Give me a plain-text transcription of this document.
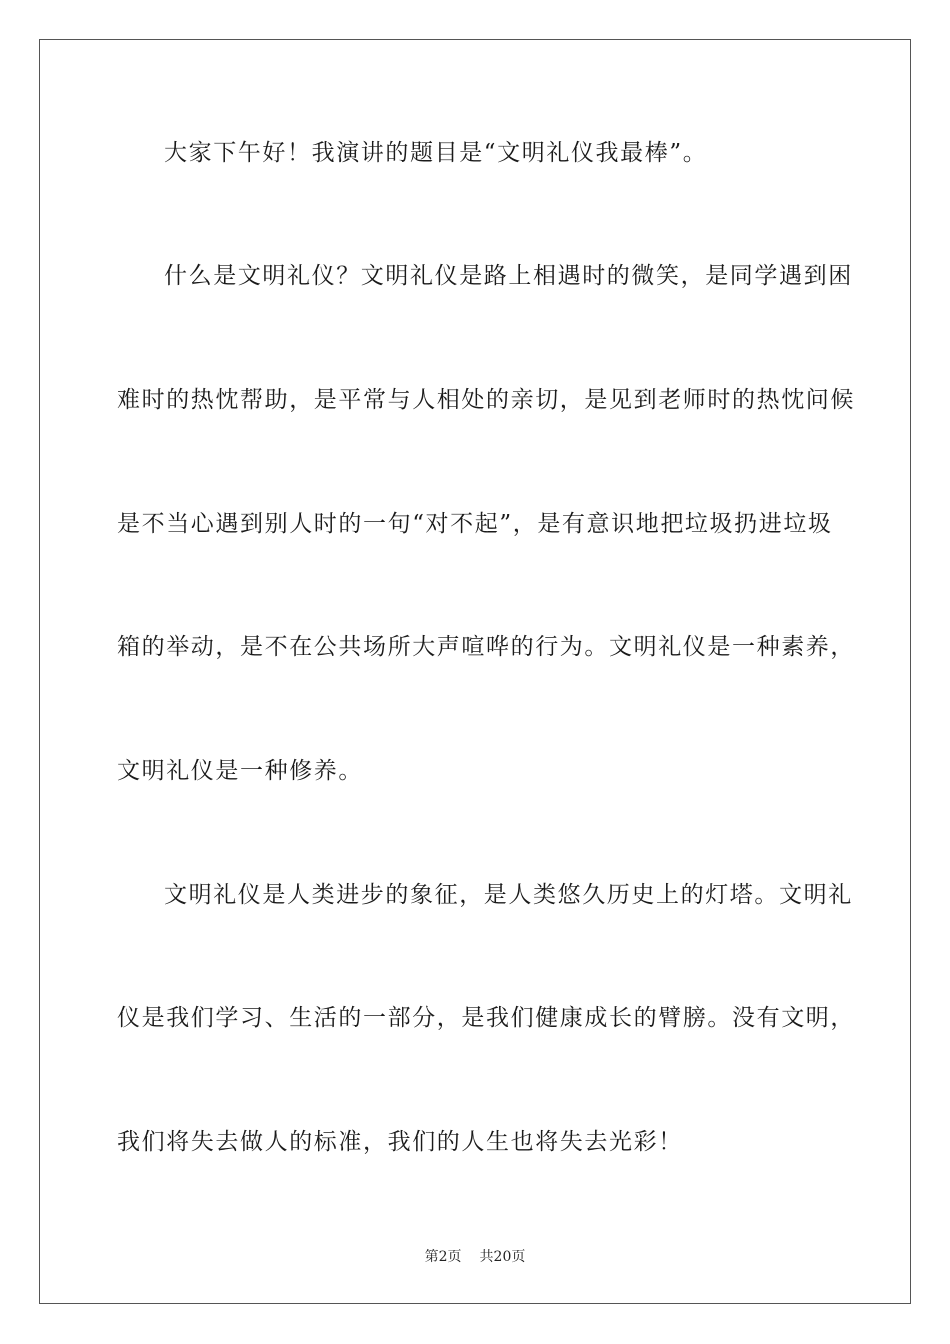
大家下午好！我演讲的题目是“文明礼仪我最棒”。
什么是文明礼仪？文明礼仪是路上相遇时的微笑，是同学遇到困
难时的热忱帮助，是平常与人相处的亲切，是见到老师时的热忱问候
是不当心遇到别人时的一句“对不起”，是有意识地把垃圾扔进垃圾
箱的举动，是不在公共场所大声喧哗的行为。文明礼仪是一种素养，
文明礼仪是一种修养。
文明礼仪是人类进步的象征，是人类悠久历史上的灯塔。文明礼
仪是我们学习、生活的一部分，是我们健康成长的臂膀。没有文明，
我们将失去做人的标准，我们的人生也将失去光彩！
第2页 共20页
